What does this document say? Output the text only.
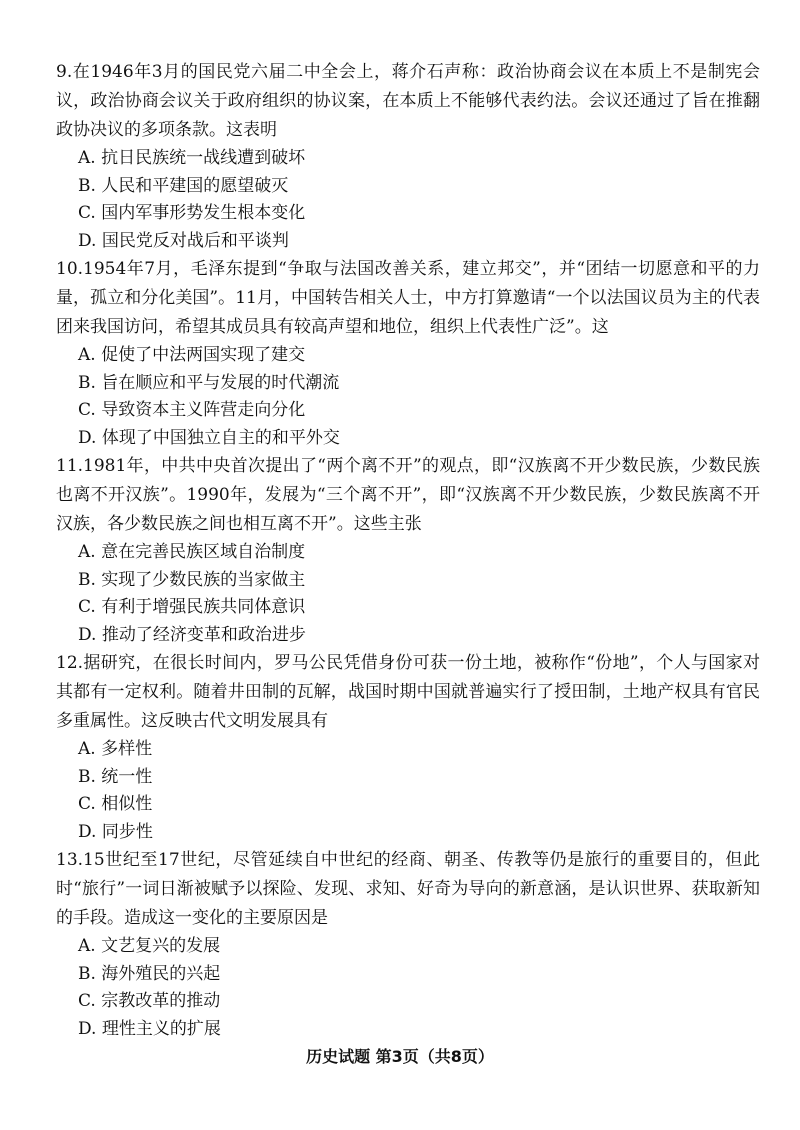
9.在1946年3月的国民党六届二中全会上，蒋介石声称：政治协商会议在本质上不是制宪会议，政治协商会议关于政府组织的协议案，在本质上不能够代表约法。会议还通过了旨在推翻政协决议的多项条款。这表明

A. 抗日民族统一战线遭到破坏

B. 人民和平建国的愿望破灭

C. 国内军事形势发生根本变化

D. 国民党反对战后和平谈判

10.1954年7月，毛泽东提到“争取与法国改善关系，建立邦交”，并“团结一切愿意和平的力量，孤立和分化美国”。11月，中国转告相关人士，中方打算邀请“一个以法国议员为主的代表团来我国访问，希望其成员具有较高声望和地位，组织上代表性广泛”。这

A. 促使了中法两国实现了建交

B. 旨在顺应和平与发展的时代潮流

C. 导致资本主义阵营走向分化

D. 体现了中国独立自主的和平外交

11.1981年，中共中央首次提出了“两个离不开”的观点，即“汉族离不开少数民族，少数民族也离不开汉族”。1990年，发展为“三个离不开”，即“汉族离不开少数民族，少数民族离不开汉族，各少数民族之间也相互离不开”。这些主张

A. 意在完善民族区域自治制度

B. 实现了少数民族的当家做主

C. 有利于增强民族共同体意识

D. 推动了经济变革和政治进步

12.据研究，在很长时间内，罗马公民凭借身份可获一份土地，被称作“份地”，个人与国家对其都有一定权利。随着井田制的瓦解，战国时期中国就普遍实行了授田制，土地产权具有官民多重属性。这反映古代文明发展具有

A. 多样性

B. 统一性

C. 相似性

D. 同步性

13.15世纪至17世纪，尽管延续自中世纪的经商、朝圣、传教等仍是旅行的重要目的，但此时“旅行”一词日渐被赋予以探险、发现、求知、好奇为导向的新意涵，是认识世界、获取新知的手段。造成这一变化的主要原因是

A. 文艺复兴的发展

B. 海外殖民的兴起

C. 宗教改革的推动

D. 理性主义的扩展

历史试题 第3页（共8页）
